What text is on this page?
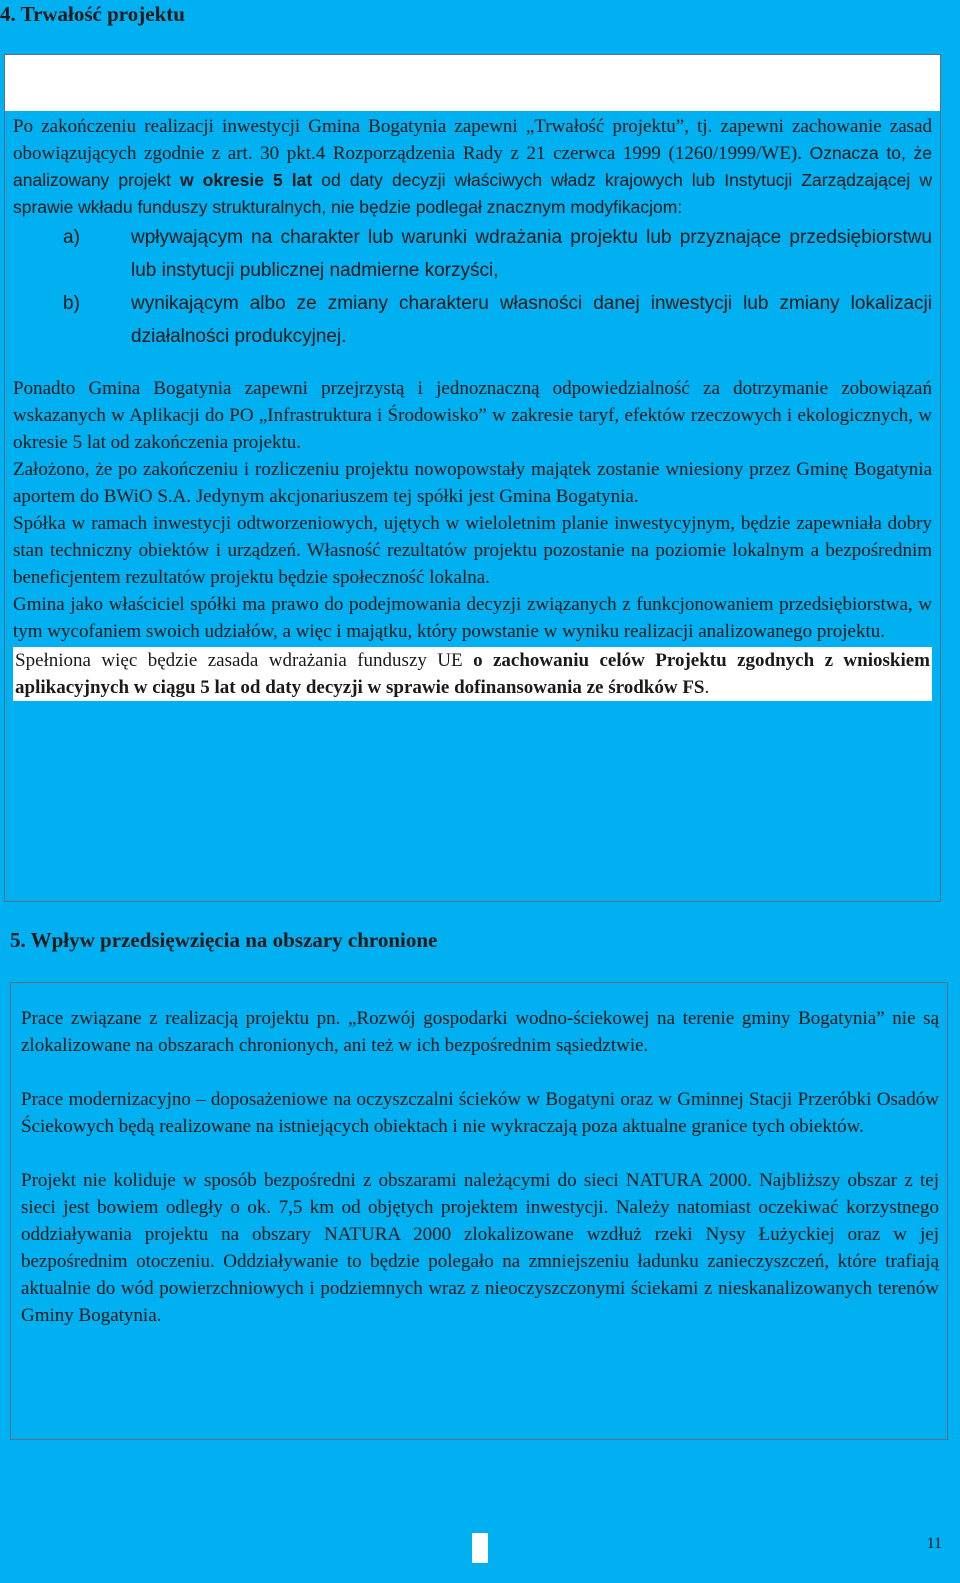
4. Trwałość projektu

Po zakończeniu realizacji inwestycji Gmina Bogatynia zapewni „Trwałość projektu”, tj. zapewni zachowanie zasad obowiązujących zgodnie z art. 30 pkt.4 Rozporządzenia Rady z 21 czerwca 1999 (1260/1999/WE). Oznacza to, że analizowany projekt w okresie 5 lat od daty decyzji właściwych władz krajowych lub Instytucji Zarządzającej w sprawie wkładu funduszy strukturalnych, nie będzie podlegał znacznym modyfikacjom:

a)	wpływającym na charakter lub warunki wdrażania projektu lub przyznające przedsiębiorstwu lub instytucji publicznej nadmierne korzyści,
b)	wynikającym albo ze zmiany charakteru własności danej inwestycji lub zmiany lokalizacji działalności produkcyjnej.

Ponadto Gmina Bogatynia zapewni przejrzystą i jednoznaczną odpowiedzialność za dotrzymanie zobowiązań wskazanych w Aplikacji do PO „Infrastruktura i Środowisko” w zakresie taryf, efektów rzeczowych i ekologicznych, w okresie 5 lat od zakończenia projektu.

Założono, że po zakończeniu i rozliczeniu projektu nowopowstały majątek zostanie wniesiony przez Gminę Bogatynia aportem do BWiO S.A. Jedynym akcjonariuszem tej spółki jest Gmina Bogatynia.

Spółka w ramach inwestycji odtworzeniowych, ujętych w wieloletnim planie inwestycyjnym, będzie zapewniała dobry stan techniczny obiektów i urządzeń. Własność rezultatów projektu pozostanie na poziomie lokalnym a bezpośrednim beneficjentem rezultatów projektu będzie społeczność lokalna.

Gmina jako właściciel spółki ma prawo do podejmowania decyzji związanych z funkcjonowaniem przedsiębiorstwa, w tym wycofaniem swoich udziałów, a więc i majątku, który powstanie w wyniku realizacji analizowanego projektu.

Spełniona więc będzie zasada wdrażania funduszy UE o zachowaniu celów Projektu zgodnych z wnioskiem aplikacyjnych w ciągu 5 lat od daty decyzji w sprawie dofinansowania ze środków FS.

5. Wpływ przedsięwzięcia na obszary chronione

Prace związane z realizacją projektu pn. „Rozwój gospodarki wodno-ściekowej na terenie gminy Bogatynia” nie są zlokalizowane na obszarach chronionych, ani też w ich bezpośrednim sąsiedztwie.

Prace modernizacyjno – doposażeniowe na oczyszczalni ścieków w Bogatyni oraz w Gminnej Stacji Przeróbki Osadów Ściekowych będą realizowane na istniejących obiektach i nie wykraczają poza aktualne granice tych obiektów.

Projekt nie koliduje w sposób bezpośredni z obszarami należącymi do sieci NATURA 2000. Najbliższy obszar z tej sieci jest bowiem odległy o ok. 7,5 km od objętych projektem inwestycji. Należy natomiast oczekiwać korzystnego oddziaływania projektu na obszary NATURA 2000 zlokalizowane wzdłuż rzeki Nysy Łużyckiej oraz w jej bezpośrednim otoczeniu. Oddziaływanie to będzie polegało na zmniejszeniu ładunku zanieczyszczeń, które trafiają aktualnie do wód powierzchniowych i podziemnych wraz z nieoczyszczonymi ściekami z nieskanalizowanych terenów Gminy Bogatynia.

11
